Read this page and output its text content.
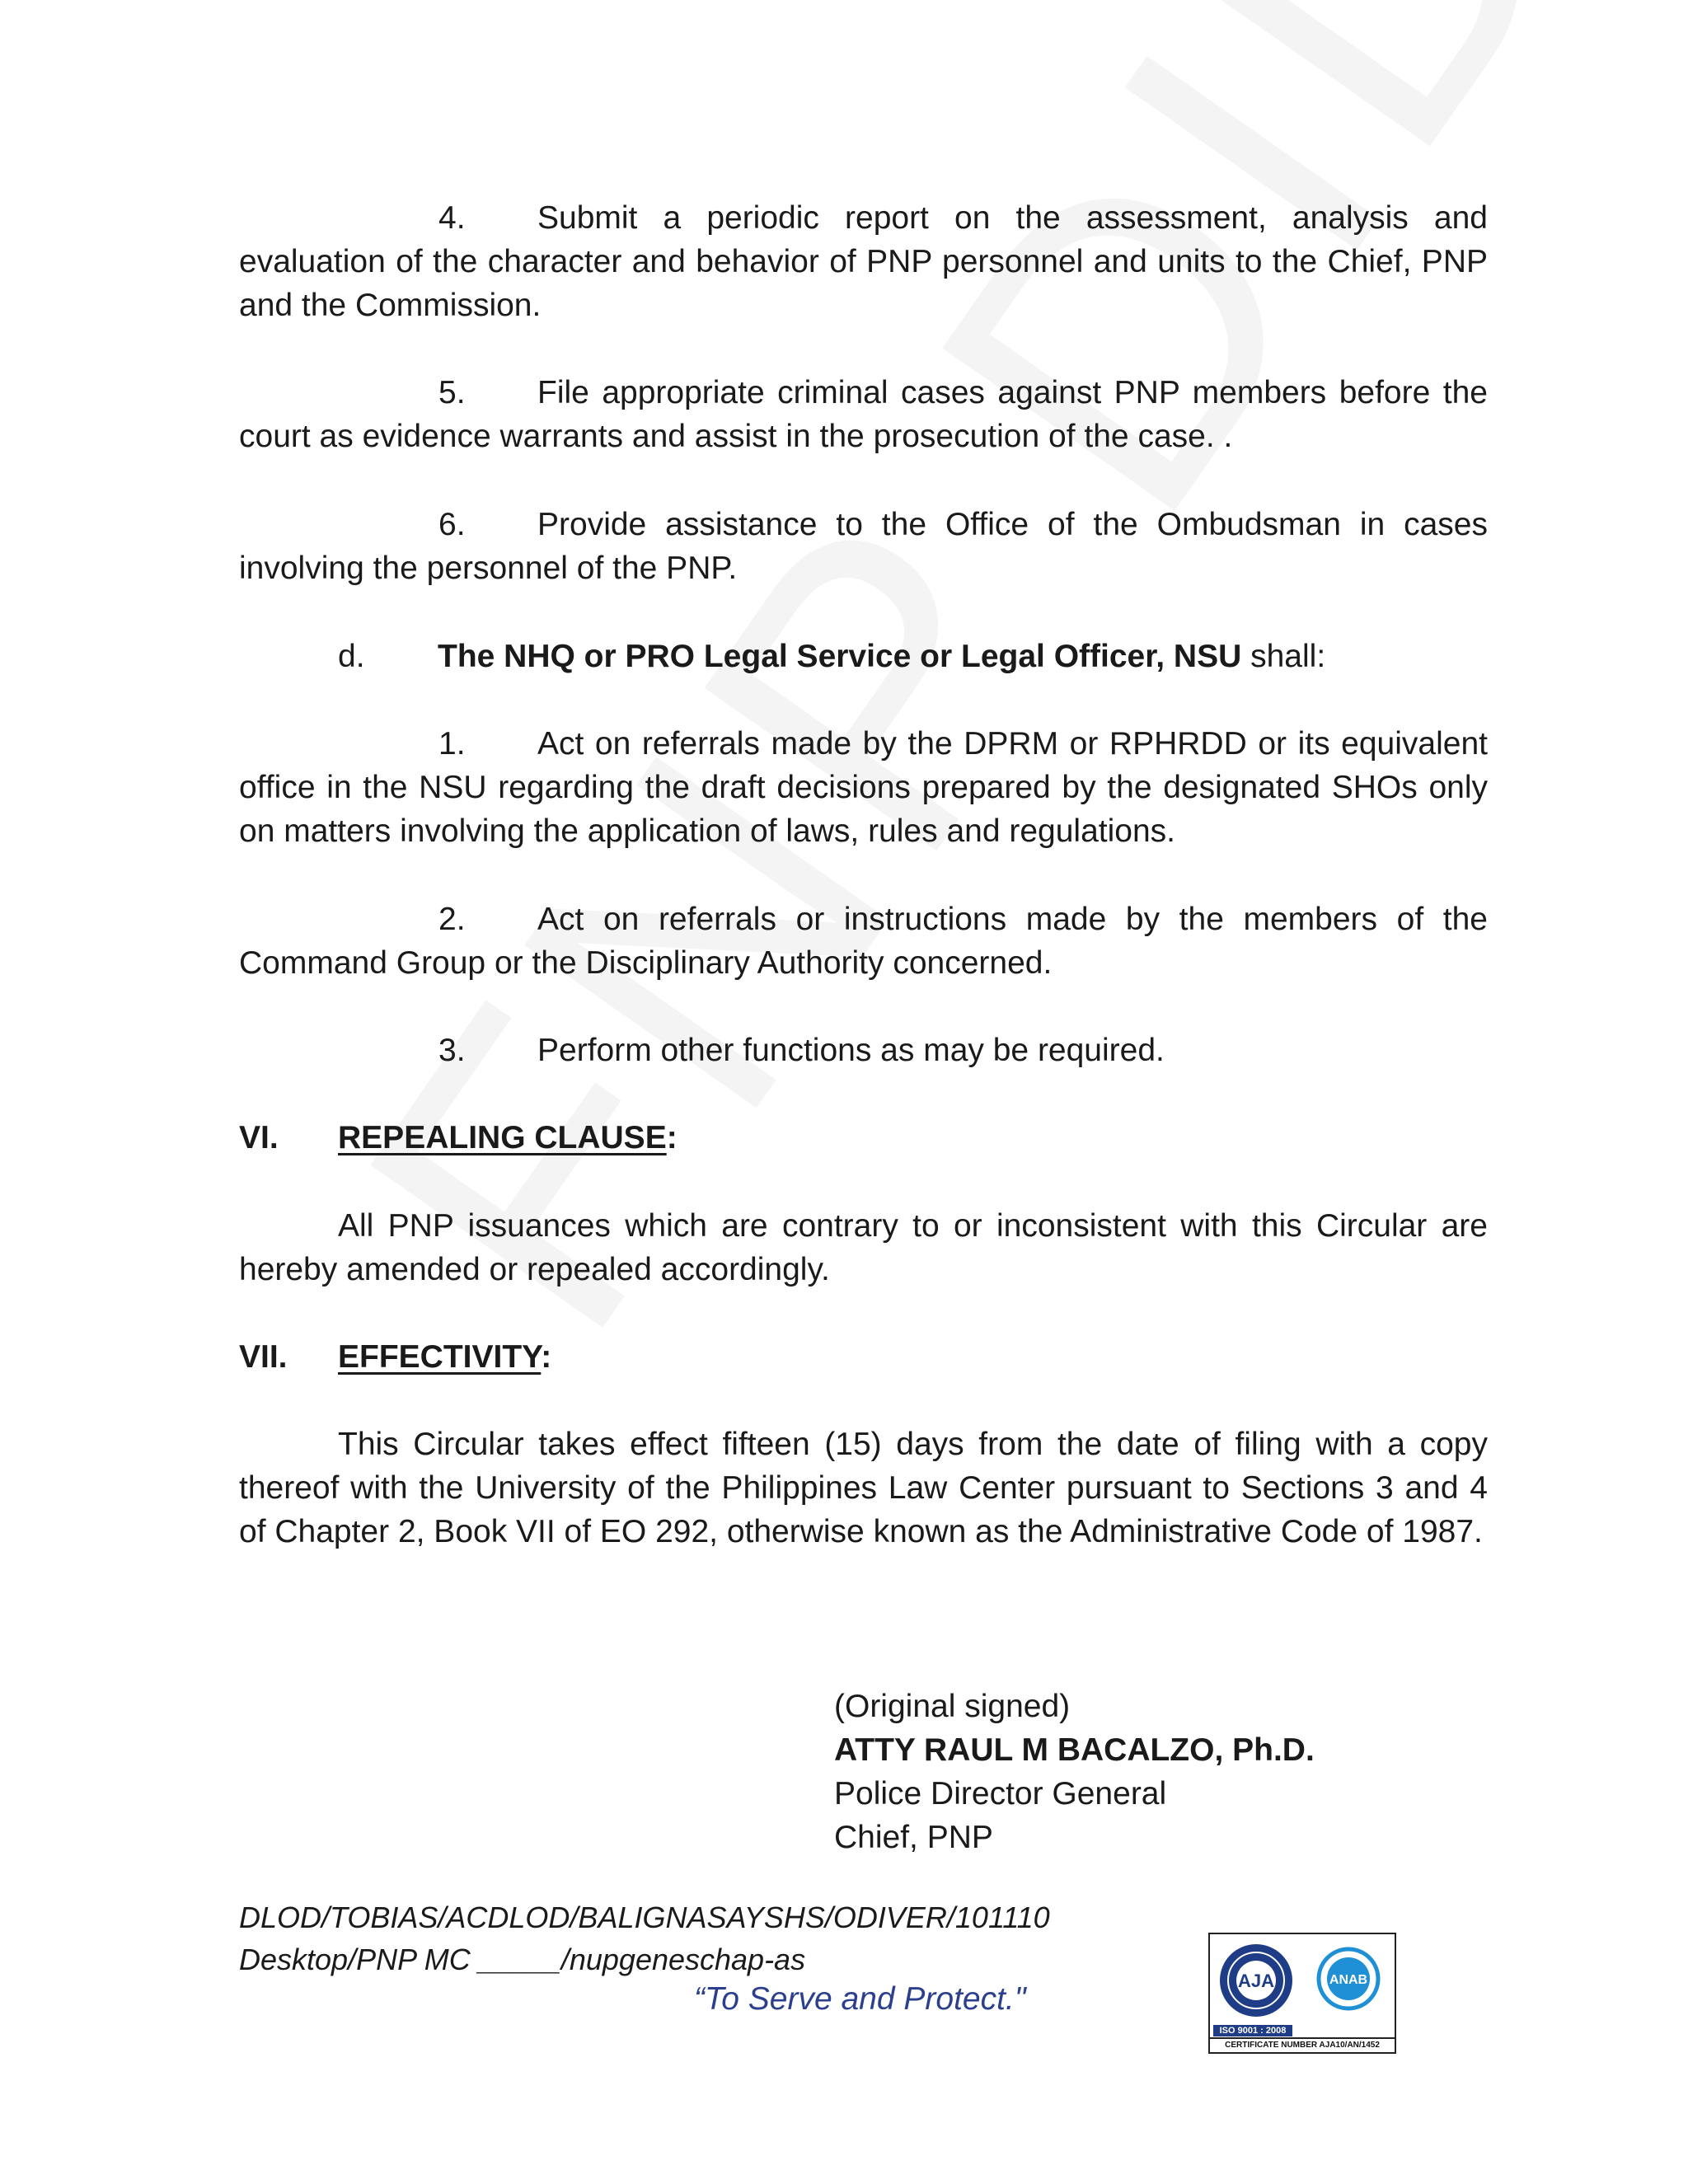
4. Submit a periodic report on the assessment, analysis and evaluation of the character and behavior of PNP personnel and units to the Chief, PNP and the Commission.

5. File appropriate criminal cases against PNP members before the court as evidence warrants and assist in the prosecution of the case. .

6. Provide assistance to the Office of the Ombudsman in cases involving the personnel of the PNP.

d. The NHQ or PRO Legal Service or Legal Officer, NSU shall:

1. Act on referrals made by the DPRM or RPHRDD or its equivalent office in the NSU regarding the draft decisions prepared by the designated SHOs only on matters involving the application of laws, rules and regulations.

2. Act on referrals or instructions made by the members of the Command Group or the Disciplinary Authority concerned.

3. Perform other functions as may be required.

VI. REPEALING CLAUSE:

All PNP issuances which are contrary to or inconsistent with this Circular are hereby amended or repealed accordingly.

VII. EFFECTIVITY:

This Circular takes effect fifteen (15) days from the date of filing with a copy thereof with the University of the Philippines Law Center pursuant to Sections 3 and 4 of Chapter 2, Book VII of EO 292, otherwise known as the Administrative Code of 1987.

(Original signed)
ATTY RAUL M BACALZO, Ph.D.
Police Director General
Chief, PNP
DLOD/TOBIAS/ACDLOD/BALIGNASAYSHS/ODIVER/101110
Desktop/PNP MC _____/nupgeneschap-as
“To Serve and Protect."
AJA	ANAB
ISO 9001 : 2008
CERTIFICATE NUMBER AJA10/AN/1452
